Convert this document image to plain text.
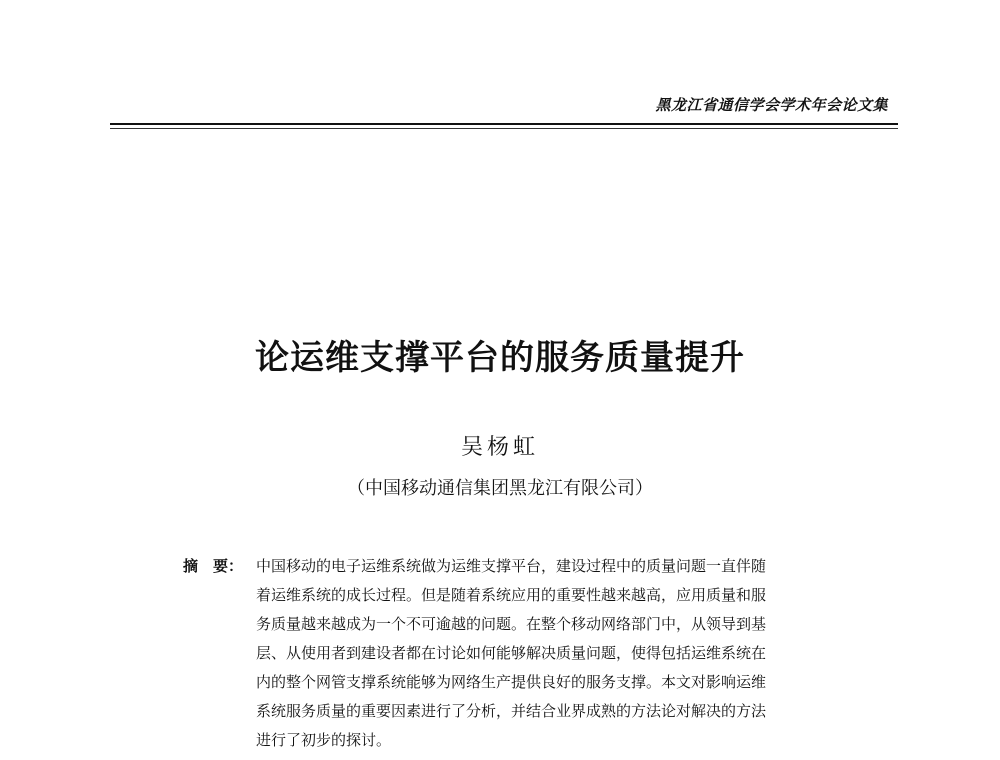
黑龙江省通信学会学术年会论文集
论运维支撑平台的服务质量提升
吴杨虹
（中国移动通信集团黑龙江有限公司）
摘　要： 中国移动的电子运维系统做为运维支撑平台，建设过程中的质量问题一直伴随
着运维系统的成长过程。但是随着系统应用的重要性越来越高，应用质量和服
务质量越来越成为一个不可逾越的问题。在整个移动网络部门中，从领导到基
层、从使用者到建设者都在讨论如何能够解决质量问题，使得包括运维系统在
内的整个网管支撑系统能够为网络生产提供良好的服务支撑。本文对影响运维
系统服务质量的重要因素进行了分析，并结合业界成熟的方法论对解决的方法
进行了初步的探讨。
